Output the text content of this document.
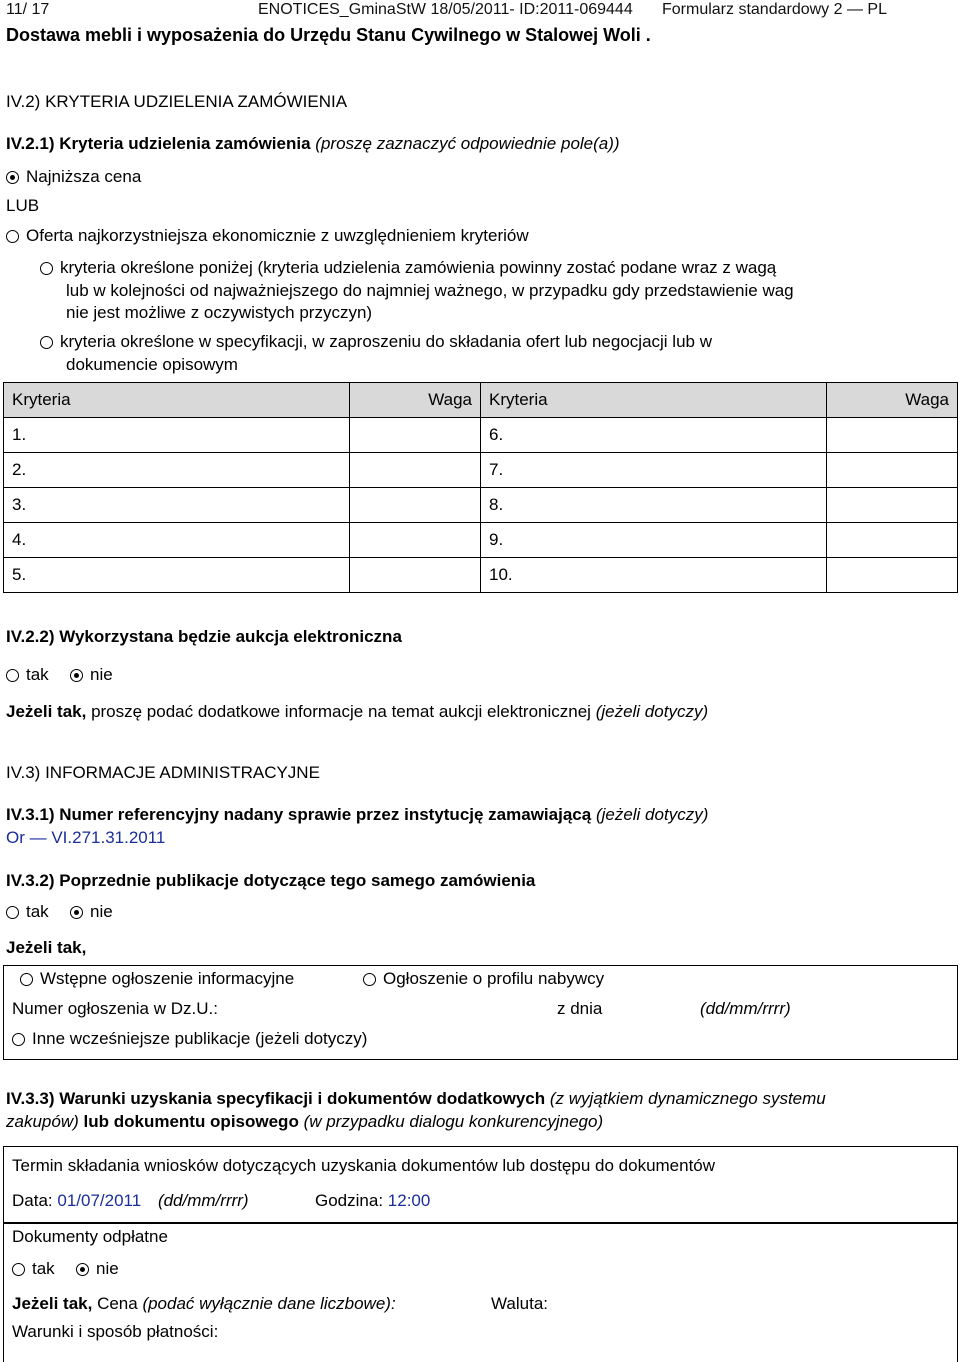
11/ 17	ENOTICES_GminaStW 18/05/2011- ID:2011-069444 Formularz standardowy 2 — PL
Dostawa mebli i wyposażenia do Urzędu Stanu Cywilnego w Stalowej Woli .
IV.2) KRYTERIA UDZIELENIA ZAMÓWIENIA
IV.2.1) Kryteria udzielenia zamówienia (proszę zaznaczyć odpowiednie pole(a))
Najniższa cena
LUB
Oferta najkorzystniejsza ekonomicznie z uwzględnieniem kryteriów
kryteria określone poniżej (kryteria udzielenia zamówienia powinny zostać podane wraz z wagą
lub w kolejności od najważniejszego do najmniej ważnego, w przypadku gdy przedstawienie wag
nie jest możliwe z oczywistych przyczyn)
kryteria określone w specyfikacji, w zaproszeniu do składania ofert lub negocjacji lub w
dokumencie opisowym
Kryteria	Waga	Kryteria	Waga
1.		6.	
2.		7.	
3.		8.	
4.		9.	
5.		10.	
IV.2.2) Wykorzystana będzie aukcja elektroniczna
tak	nie
Jeżeli tak, proszę podać dodatkowe informacje na temat aukcji elektronicznej (jeżeli dotyczy)
IV.3) INFORMACJE ADMINISTRACYJNE
IV.3.1) Numer referencyjny nadany sprawie przez instytucję zamawiającą (jeżeli dotyczy)
Or — VI.271.31.2011
IV.3.2) Poprzednie publikacje dotyczące tego samego zamówienia
tak	nie
Jeżeli tak,
Wstępne ogłoszenie informacyjne	Ogłoszenie o profilu nabywcy
Numer ogłoszenia w Dz.U.:	z dnia	(dd/mm/rrrr)
Inne wcześniejsze publikacje (jeżeli dotyczy)
IV.3.3) Warunki uzyskania specyfikacji i dokumentów dodatkowych (z wyjątkiem dynamicznego systemu
zakupów) lub dokumentu opisowego (w przypadku dialogu konkurencyjnego)
Termin składania wniosków dotyczących uzyskania dokumentów lub dostępu do dokumentów
Data: 01/07/2011 (dd/mm/rrrr)	Godzina: 12:00
Dokumenty odpłatne
tak	nie
Jeżeli tak, Cena (podać wyłącznie dane liczbowe):	Waluta:
Warunki i sposób płatności:
